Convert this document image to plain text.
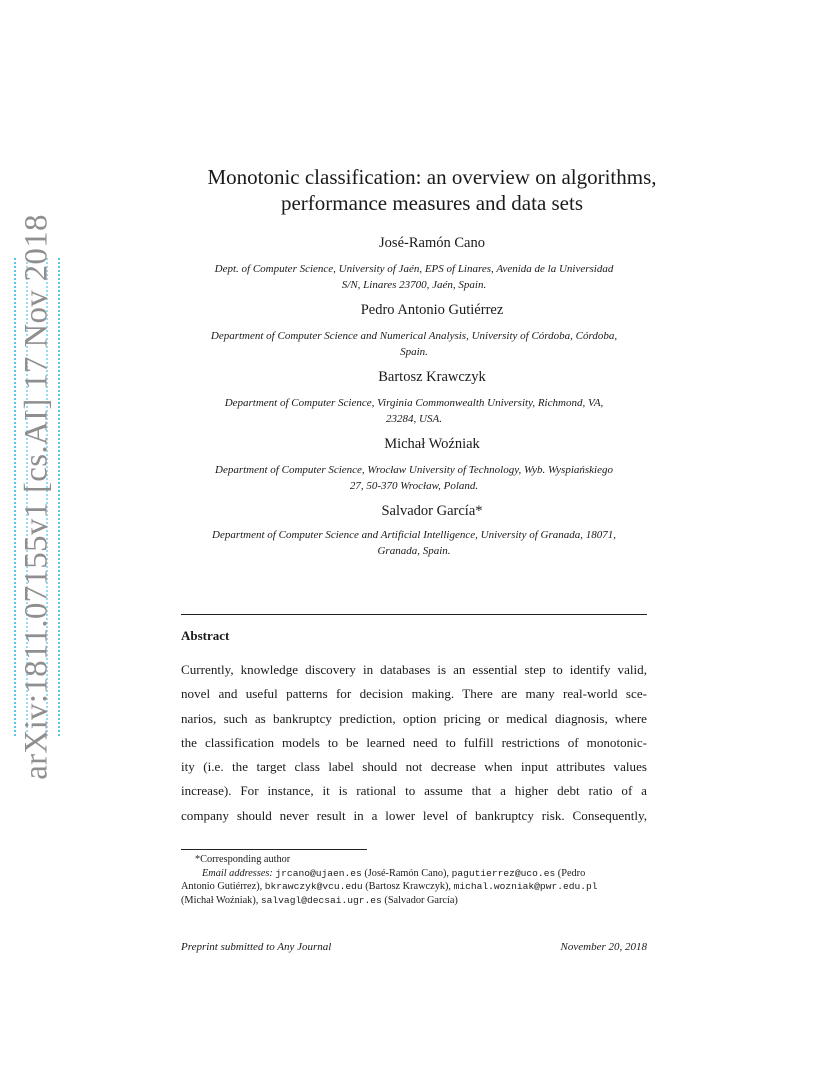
arXiv:1811.07155v1 [cs.AI] 17 Nov 2018
Monotonic classification: an overview on algorithms,
performance measures and data sets
José-Ramón Cano
Dept. of Computer Science, University of Jaén, EPS of Linares, Avenida de la Universidad
S/N, Linares 23700, Jaén, Spain.
Pedro Antonio Gutiérrez
Department of Computer Science and Numerical Analysis, University of Córdoba, Córdoba,
Spain.
Bartosz Krawczyk
Department of Computer Science, Virginia Commonwealth University, Richmond, VA,
23284, USA.
Michał Woźniak
Department of Computer Science, Wrocław University of Technology, Wyb. Wyspiańskiego
27, 50-370 Wrocław, Poland.
Salvador García*
Department of Computer Science and Artificial Intelligence, University of Granada, 18071,
Granada, Spain.
Abstract
Currently, knowledge discovery in databases is an essential step to identify valid,
novel and useful patterns for decision making. There are many real-world sce-
narios, such as bankruptcy prediction, option pricing or medical diagnosis, where
the classification models to be learned need to fulfill restrictions of monotonic-
ity (i.e. the target class label should not decrease when input attributes values
increase). For instance, it is rational to assume that a higher debt ratio of a
company should never result in a lower level of bankruptcy risk. Consequently,
*Corresponding author
Email addresses: jrcano@ujaen.es (José-Ramón Cano), pagutierrez@uco.es (Pedro
Antonio Gutiérrez), bkrawczyk@vcu.edu (Bartosz Krawczyk), michal.wozniak@pwr.edu.pl
(Michał Woźniak), salvagl@decsai.ugr.es (Salvador García)
Preprint submitted to Any Journal	November 20, 2018
